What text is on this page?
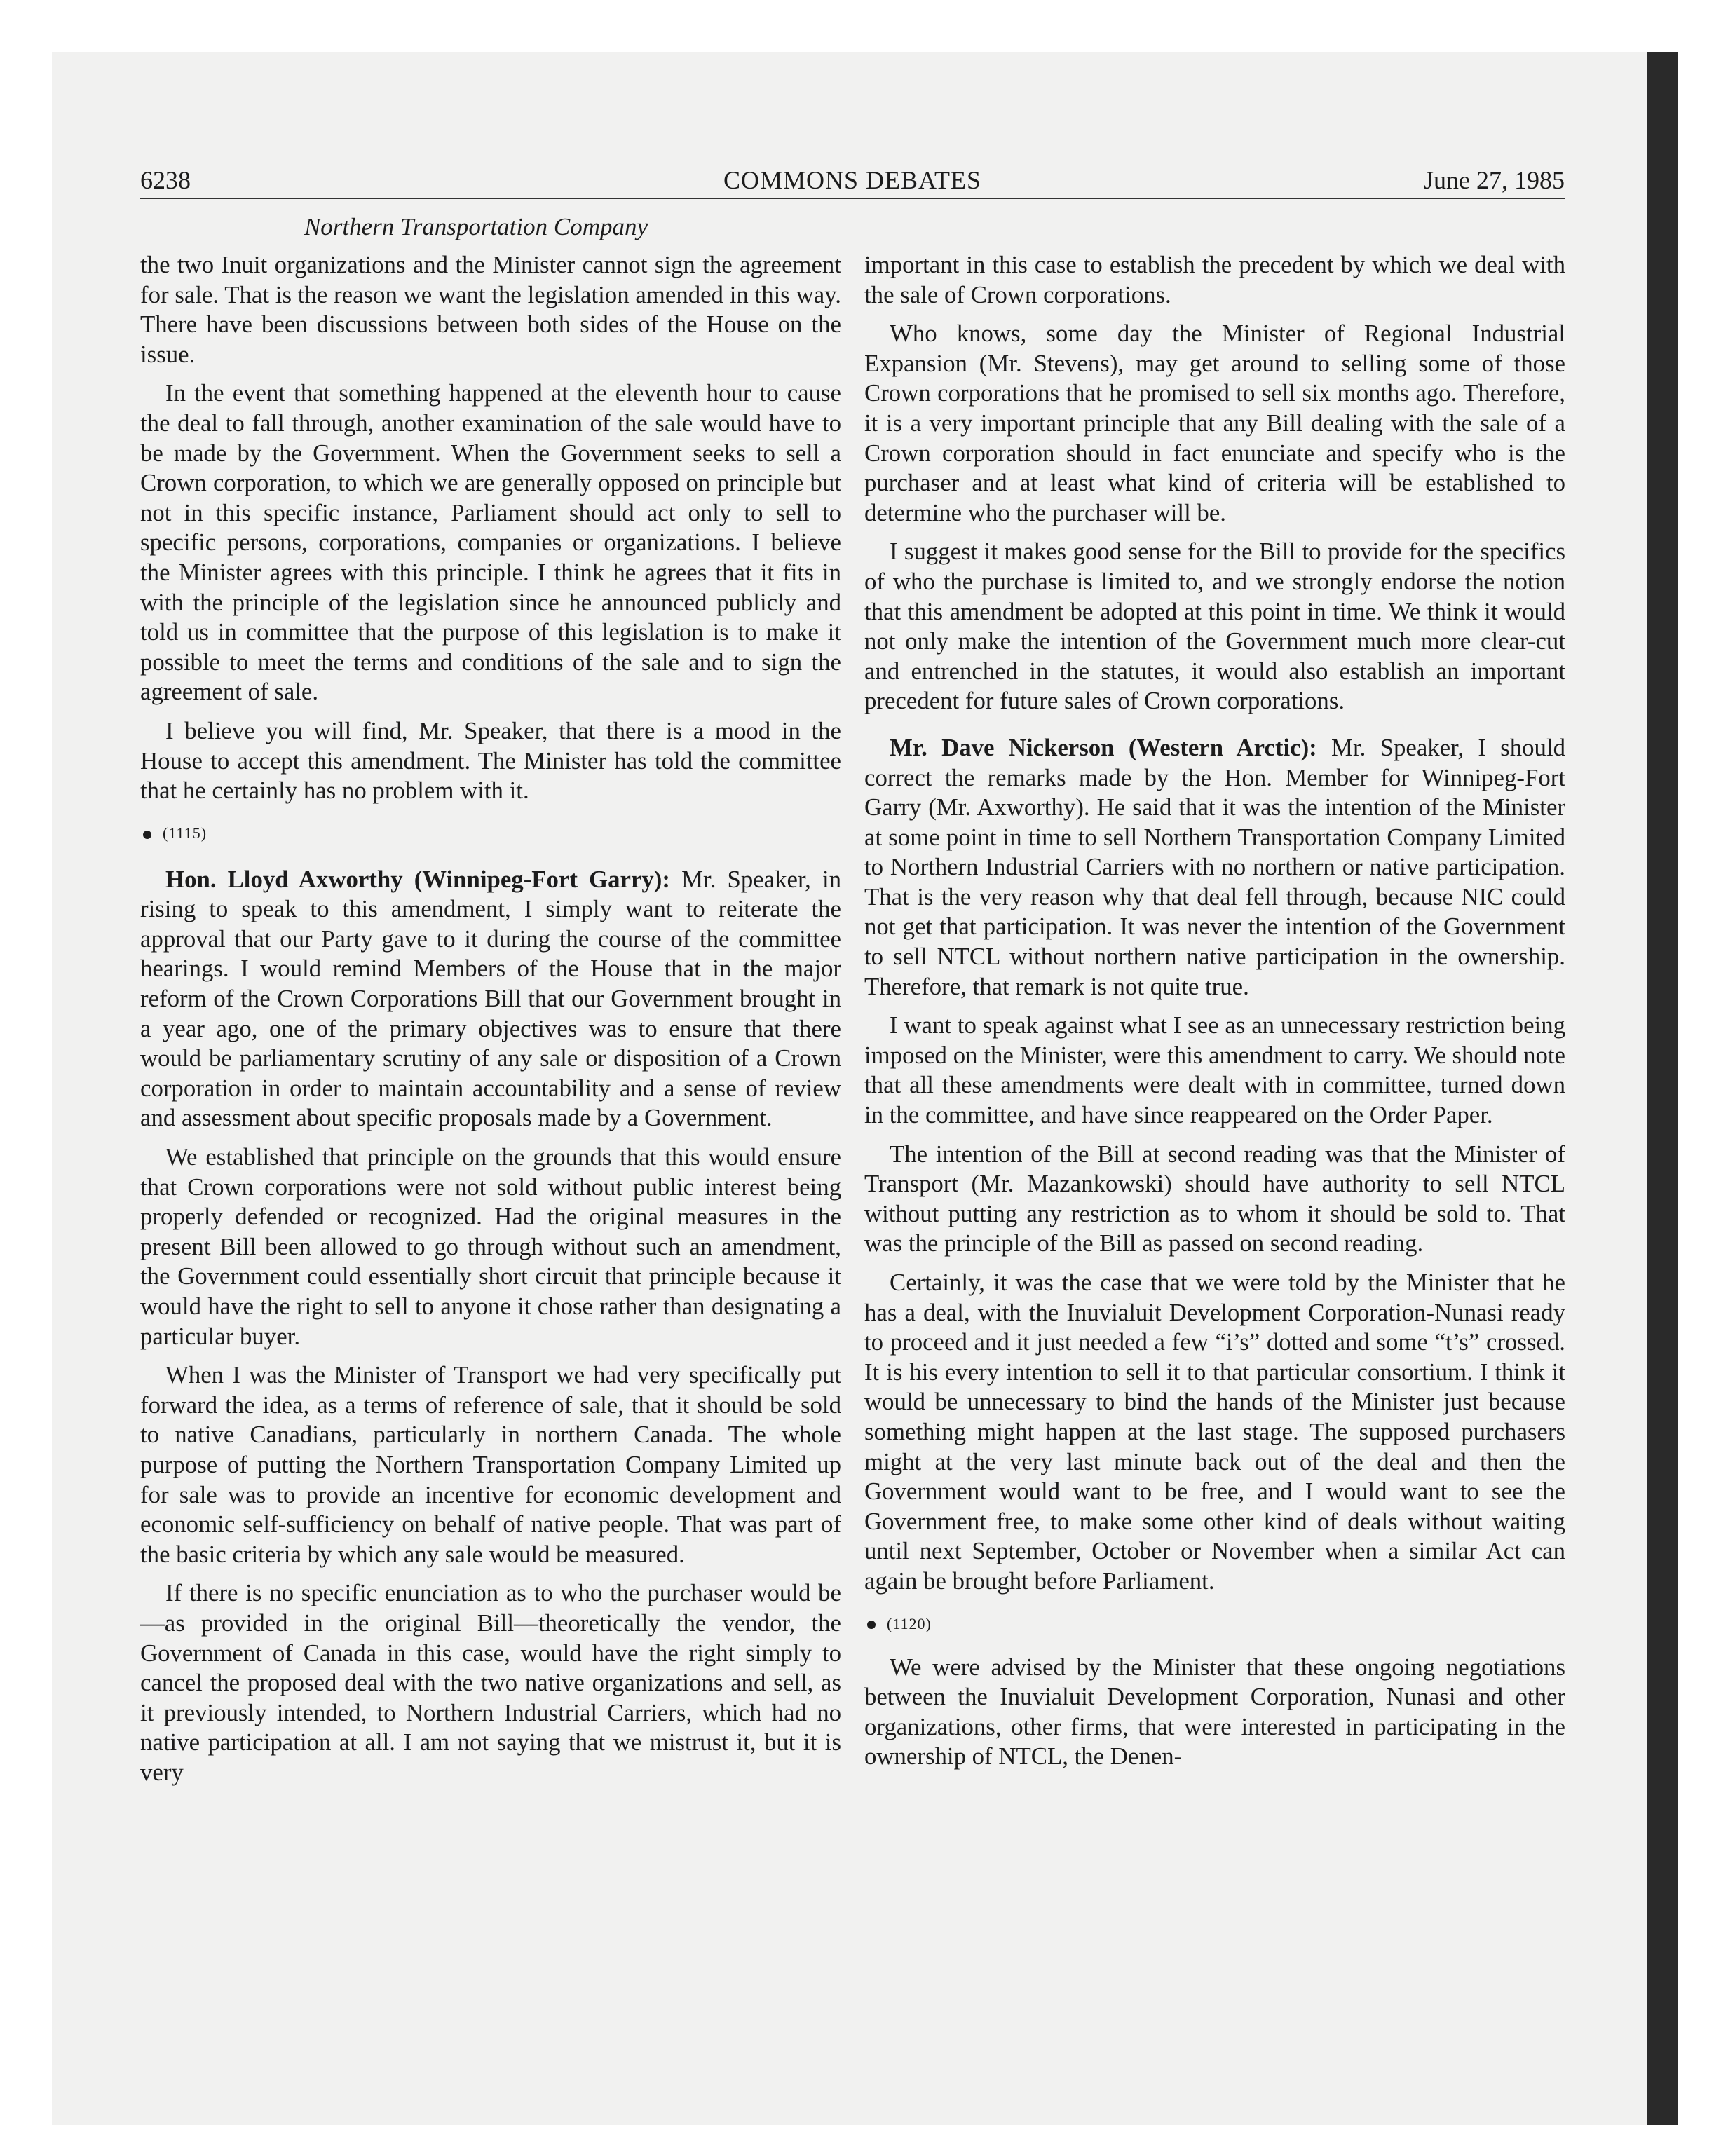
6238	COMMONS DEBATES	June 27, 1985
Northern Transportation Company

the two Inuit organizations and the Minister cannot sign the agreement for sale. That is the reason we want the legislation amended in this way. There have been discussions between both sides of the House on the issue.

In the event that something happened at the eleventh hour to cause the deal to fall through, another examination of the sale would have to be made by the Government. When the Government seeks to sell a Crown corporation, to which we are generally opposed on principle but not in this specific instance, Parliament should act only to sell to specific persons, corporations, companies or organizations. I believe the Minister agrees with this principle. I think he agrees that it fits in with the principle of the legislation since he announced publicly and told us in committee that the purpose of this legislation is to make it possible to meet the terms and conditions of the sale and to sign the agreement of sale.

I believe you will find, Mr. Speaker, that there is a mood in the House to accept this amendment. The Minister has told the committee that he certainly has no problem with it.

(1115)

Hon. Lloyd Axworthy (Winnipeg-Fort Garry): Mr. Speaker, in rising to speak to this amendment, I simply want to reiterate the approval that our Party gave to it during the course of the committee hearings. I would remind Members of the House that in the major reform of the Crown Corporations Bill that our Government brought in a year ago, one of the primary objectives was to ensure that there would be parliamentary scrutiny of any sale or disposition of a Crown corporation in order to maintain accountability and a sense of review and assessment about specific proposals made by a Government.

We established that principle on the grounds that this would ensure that Crown corporations were not sold without public interest being properly defended or recognized. Had the original measures in the present Bill been allowed to go through without such an amendment, the Government could essentially short circuit that principle because it would have the right to sell to anyone it chose rather than designating a particular buyer.

When I was the Minister of Transport we had very specifically put forward the idea, as a terms of reference of sale, that it should be sold to native Canadians, particularly in northern Canada. The whole purpose of putting the Northern Transportation Company Limited up for sale was to provide an incentive for economic development and economic self-sufficiency on behalf of native people. That was part of the basic criteria by which any sale would be measured.

If there is no specific enunciation as to who the purchaser would be—as provided in the original Bill—theoretically the vendor, the Government of Canada in this case, would have the right simply to cancel the proposed deal with the two native organizations and sell, as it previously intended, to Northern Industrial Carriers, which had no native participation at all. I am not saying that we mistrust it, but it is very

important in this case to establish the precedent by which we deal with the sale of Crown corporations.

Who knows, some day the Minister of Regional Industrial Expansion (Mr. Stevens), may get around to selling some of those Crown corporations that he promised to sell six months ago. Therefore, it is a very important principle that any Bill dealing with the sale of a Crown corporation should in fact enunciate and specify who is the purchaser and at least what kind of criteria will be established to determine who the purchaser will be.

I suggest it makes good sense for the Bill to provide for the specifics of who the purchase is limited to, and we strongly endorse the notion that this amendment be adopted at this point in time. We think it would not only make the intention of the Government much more clear-cut and entrenched in the statutes, it would also establish an important precedent for future sales of Crown corporations.

Mr. Dave Nickerson (Western Arctic): Mr. Speaker, I should correct the remarks made by the Hon. Member for Winnipeg-Fort Garry (Mr. Axworthy). He said that it was the intention of the Minister at some point in time to sell Northern Transportation Company Limited to Northern Industrial Carriers with no northern or native participation. That is the very reason why that deal fell through, because NIC could not get that participation. It was never the intention of the Government to sell NTCL without northern native participation in the ownership. Therefore, that remark is not quite true.

I want to speak against what I see as an unnecessary restriction being imposed on the Minister, were this amendment to carry. We should note that all these amendments were dealt with in committee, turned down in the committee, and have since reappeared on the Order Paper.

The intention of the Bill at second reading was that the Minister of Transport (Mr. Mazankowski) should have authority to sell NTCL without putting any restriction as to whom it should be sold to. That was the principle of the Bill as passed on second reading.

Certainly, it was the case that we were told by the Minister that he has a deal, with the Inuvialuit Development Corporation-Nunasi ready to proceed and it just needed a few “i’s” dotted and some “t’s” crossed. It is his every intention to sell it to that particular consortium. I think it would be unnecessary to bind the hands of the Minister just because something might happen at the last stage. The supposed purchasers might at the very last minute back out of the deal and then the Government would want to be free, and I would want to see the Government free, to make some other kind of deals without waiting until next September, October or November when a similar Act can again be brought before Parliament.

(1120)

We were advised by the Minister that these ongoing negotiations between the Inuvialuit Development Corporation, Nunasi and other organizations, other firms, that were interested in participating in the ownership of NTCL, the Denen-
